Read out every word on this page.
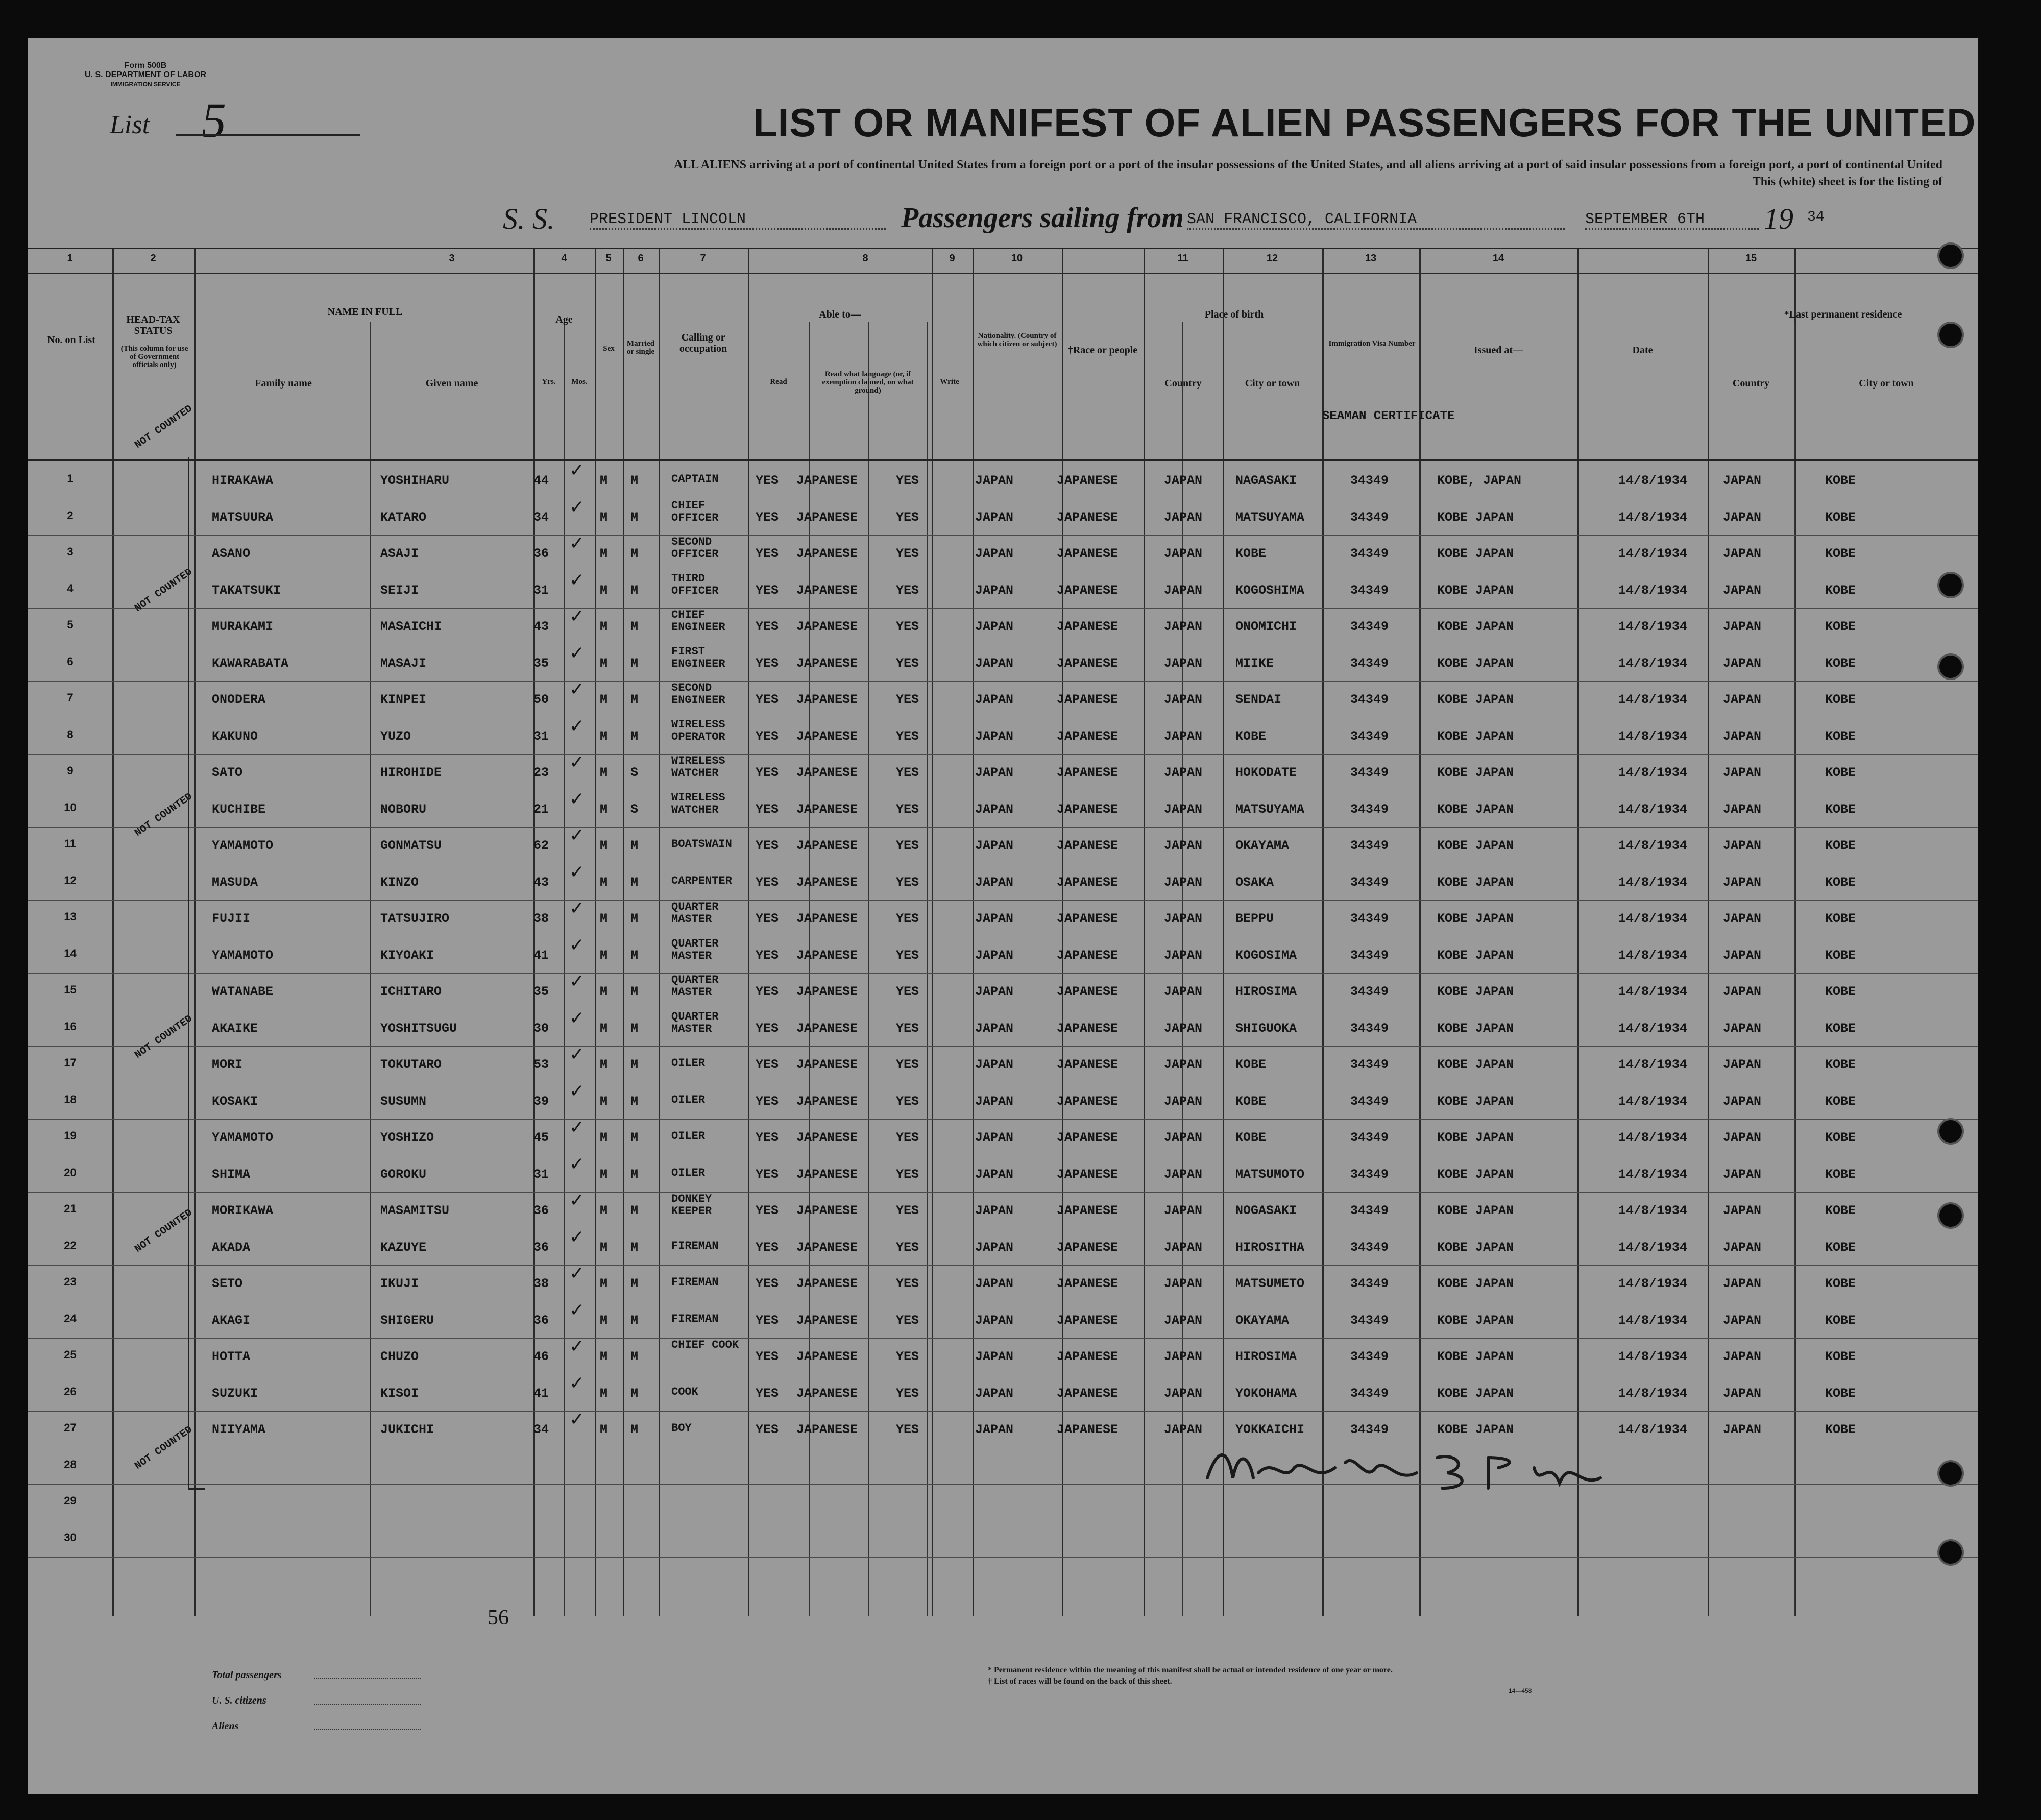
Form 500B
U. S. DEPARTMENT OF LABOR
IMMIGRATION SERVICE
List 5	LIST OR MANIFEST OF ALIEN PASSENGERS FOR THE UNITED
ALL ALIENS arriving at a port of continental United States from a foreign port or a port of the insular possessions of the United States, and all aliens arriving at a port of said insular possessions from a foreign port, a port of continental United
This (white) sheet is for the listing of
S. S. PRESIDENT LINCOLN	Passengers sailing from SAN FRANCISCO, CALIFORNIA	SEPTEMBER 6TH	19 34
1	2	3	4	5	6	7	8	9	10	11	12	13	14	15
No. on List
HEAD-TAX STATUS
(This column for use of Government officials only)
NAME IN FULL
Family name	Given name
Age
Yrs.	Mos.
Sex
Married or single
Calling or occupation
Able to—
Read
Read what language (or, if exemption claimed, on what ground)
Write
Nationality. (Country of which citizen or subject)
†Race or people
Place of birth
Country	City or town
Immigration Visa Number
Issued at—	Date
*Last permanent residence
Country	City or town
1	HIRAKAWA	YOSHIHARU	44	M M	YES JAPANESE	YES	JAPAN	JAPANESE	JAPAN	NAGASAKI	34349	KOBE, JAPAN	14/8/1934	JAPAN	KOBE
CAPTAIN
✓
2	MATSUURA	KATARO	34	M M	YES JAPANESE	YES	JAPAN	JAPANESE	JAPAN	MATSUYAMA	34349	KOBE JAPAN	14/8/1934	JAPAN	KOBE
CHIEF OFFICER
✓
3	ASANO	ASAJI	36	M M	YES JAPANESE	YES	JAPAN	JAPANESE	JAPAN	KOBE	34349	KOBE JAPAN	14/8/1934	JAPAN	KOBE
SECOND OFFICER
✓
4	TAKATSUKI	SEIJI	31	M M	YES JAPANESE	YES	JAPAN	JAPANESE	JAPAN	KOGOSHIMA	34349	KOBE JAPAN	14/8/1934	JAPAN	KOBE
THIRD OFFICER
✓
5	MURAKAMI	MASAICHI	43	M M	YES JAPANESE	YES	JAPAN	JAPANESE	JAPAN	ONOMICHI	34349	KOBE JAPAN	14/8/1934	JAPAN	KOBE
CHIEF ENGINEER
✓
6	KAWARABATA	MASAJI	35	M M	YES JAPANESE	YES	JAPAN	JAPANESE	JAPAN	MIIKE	34349	KOBE JAPAN	14/8/1934	JAPAN	KOBE
FIRST ENGINEER
✓
7	ONODERA	KINPEI	50	M M	YES JAPANESE	YES	JAPAN	JAPANESE	JAPAN	SENDAI	34349	KOBE JAPAN	14/8/1934	JAPAN	KOBE
SECOND ENGINEER
✓
8	KAKUNO	YUZO	31	M M	YES JAPANESE	YES	JAPAN	JAPANESE	JAPAN	KOBE	34349	KOBE JAPAN	14/8/1934	JAPAN	KOBE
WIRELESS OPERATOR
✓
9	SATO	HIROHIDE	23	M S	YES JAPANESE	YES	JAPAN	JAPANESE	JAPAN	HOKODATE	34349	KOBE JAPAN	14/8/1934	JAPAN	KOBE
WIRELESS WATCHER
✓
10	KUCHIBE	NOBORU	21	M S	YES JAPANESE	YES	JAPAN	JAPANESE	JAPAN	MATSUYAMA	34349	KOBE JAPAN	14/8/1934	JAPAN	KOBE
WIRELESS WATCHER
✓
11	YAMAMOTO	GONMATSU	62	M M	YES JAPANESE	YES	JAPAN	JAPANESE	JAPAN	OKAYAMA	34349	KOBE JAPAN	14/8/1934	JAPAN	KOBE
BOATSWAIN
✓
12	MASUDA	KINZO	43	M M	YES JAPANESE	YES	JAPAN	JAPANESE	JAPAN	OSAKA	34349	KOBE JAPAN	14/8/1934	JAPAN	KOBE
CARPENTER
✓
13	FUJII	TATSUJIRO	38	M M	YES JAPANESE	YES	JAPAN	JAPANESE	JAPAN	BEPPU	34349	KOBE JAPAN	14/8/1934	JAPAN	KOBE
QUARTER MASTER
✓
14	YAMAMOTO	KIYOAKI	41	M M	YES JAPANESE	YES	JAPAN	JAPANESE	JAPAN	KOGOSIMA	34349	KOBE JAPAN	14/8/1934	JAPAN	KOBE
QUARTER MASTER
✓
15	WATANABE	ICHITARO	35	M M	YES JAPANESE	YES	JAPAN	JAPANESE	JAPAN	HIROSIMA	34349	KOBE JAPAN	14/8/1934	JAPAN	KOBE
QUARTER MASTER
✓
16	AKAIKE	YOSHITSUGU	30	M M	YES JAPANESE	YES	JAPAN	JAPANESE	JAPAN	SHIGUOKA	34349	KOBE JAPAN	14/8/1934	JAPAN	KOBE
QUARTER MASTER
✓
17	MORI	TOKUTARO	53	M M	YES JAPANESE	YES	JAPAN	JAPANESE	JAPAN	KOBE	34349	KOBE JAPAN	14/8/1934	JAPAN	KOBE
OILER
✓
18	KOSAKI	SUSUMN	39	M M	YES JAPANESE	YES	JAPAN	JAPANESE	JAPAN	KOBE	34349	KOBE JAPAN	14/8/1934	JAPAN	KOBE
OILER
✓
19	YAMAMOTO	YOSHIZO	45	M M	YES JAPANESE	YES	JAPAN	JAPANESE	JAPAN	KOBE	34349	KOBE JAPAN	14/8/1934	JAPAN	KOBE
OILER
✓
20	SHIMA	GOROKU	31	M M	YES JAPANESE	YES	JAPAN	JAPANESE	JAPAN	MATSUMOTO	34349	KOBE JAPAN	14/8/1934	JAPAN	KOBE
OILER
✓
21	MORIKAWA	MASAMITSU	36	M M	YES JAPANESE	YES	JAPAN	JAPANESE	JAPAN	NOGASAKI	34349	KOBE JAPAN	14/8/1934	JAPAN	KOBE
DONKEY KEEPER
✓
22	AKADA	KAZUYE	36	M M	YES JAPANESE	YES	JAPAN	JAPANESE	JAPAN	HIROSITHA	34349	KOBE JAPAN	14/8/1934	JAPAN	KOBE
FIREMAN
✓
23	SETO	IKUJI	38	M M	YES JAPANESE	YES	JAPAN	JAPANESE	JAPAN	MATSUMETO	34349	KOBE JAPAN	14/8/1934	JAPAN	KOBE
FIREMAN
✓
24	AKAGI	SHIGERU	36	M M	YES JAPANESE	YES	JAPAN	JAPANESE	JAPAN	OKAYAMA	34349	KOBE JAPAN	14/8/1934	JAPAN	KOBE
FIREMAN
✓
25	HOTTA	CHUZO	46	M M	YES JAPANESE	YES	JAPAN	JAPANESE	JAPAN	HIROSIMA	34349	KOBE JAPAN	14/8/1934	JAPAN	KOBE
CHIEF COOK
✓
26	SUZUKI	KISOI	41	M M	YES JAPANESE	YES	JAPAN	JAPANESE	JAPAN	YOKOHAMA	34349	KOBE JAPAN	14/8/1934	JAPAN	KOBE
COOK
✓
27	NIIYAMA	JUKICHI	34	M M	YES JAPANESE	YES	JAPAN	JAPANESE	JAPAN	YOKKAICHI	34349	KOBE JAPAN	14/8/1934	JAPAN	KOBE
BOY
✓
28
29
30
NOT COUNTED
NOT COUNTED
NOT COUNTED
NOT COUNTED
NOT COUNTED
NOT COUNTED
SEAMAN CERTIFICATE
56
Total passengers
U. S. citizens
Aliens
* Permanent residence within the meaning of this manifest shall be actual or intended residence of one year or more.
† List of races will be found on the back of this sheet.
14—458
